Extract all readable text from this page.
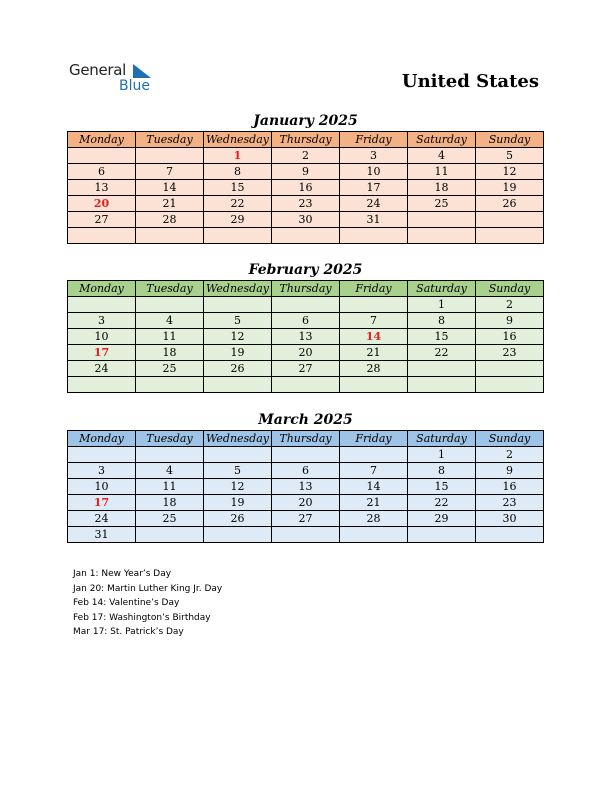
General
Blue	United States
January 2025
Monday	Tuesday	Wednesday	Thursday	Friday	Saturday	Sunday
		1	2	3	4	5
6	7	8	9	10	11	12
13	14	15	16	17	18	19
20	21	22	23	24	25	26
27	28	29	30	31		

February 2025
Monday	Tuesday	Wednesday	Thursday	Friday	Saturday	Sunday
					1	2
3	4	5	6	7	8	9
10	11	12	13	14	15	16
17	18	19	20	21	22	23
24	25	26	27	28		

March 2025
Monday	Tuesday	Wednesday	Thursday	Friday	Saturday	Sunday
					1	2
3	4	5	6	7	8	9
10	11	12	13	14	15	16
17	18	19	20	21	22	23
24	25	26	27	28	29	30
31						
Jan 1: New Year’s Day
Jan 20: Martin Luther King Jr. Day
Feb 14: Valentine’s Day
Feb 17: Washington’s Birthday
Mar 17: St. Patrick’s Day
